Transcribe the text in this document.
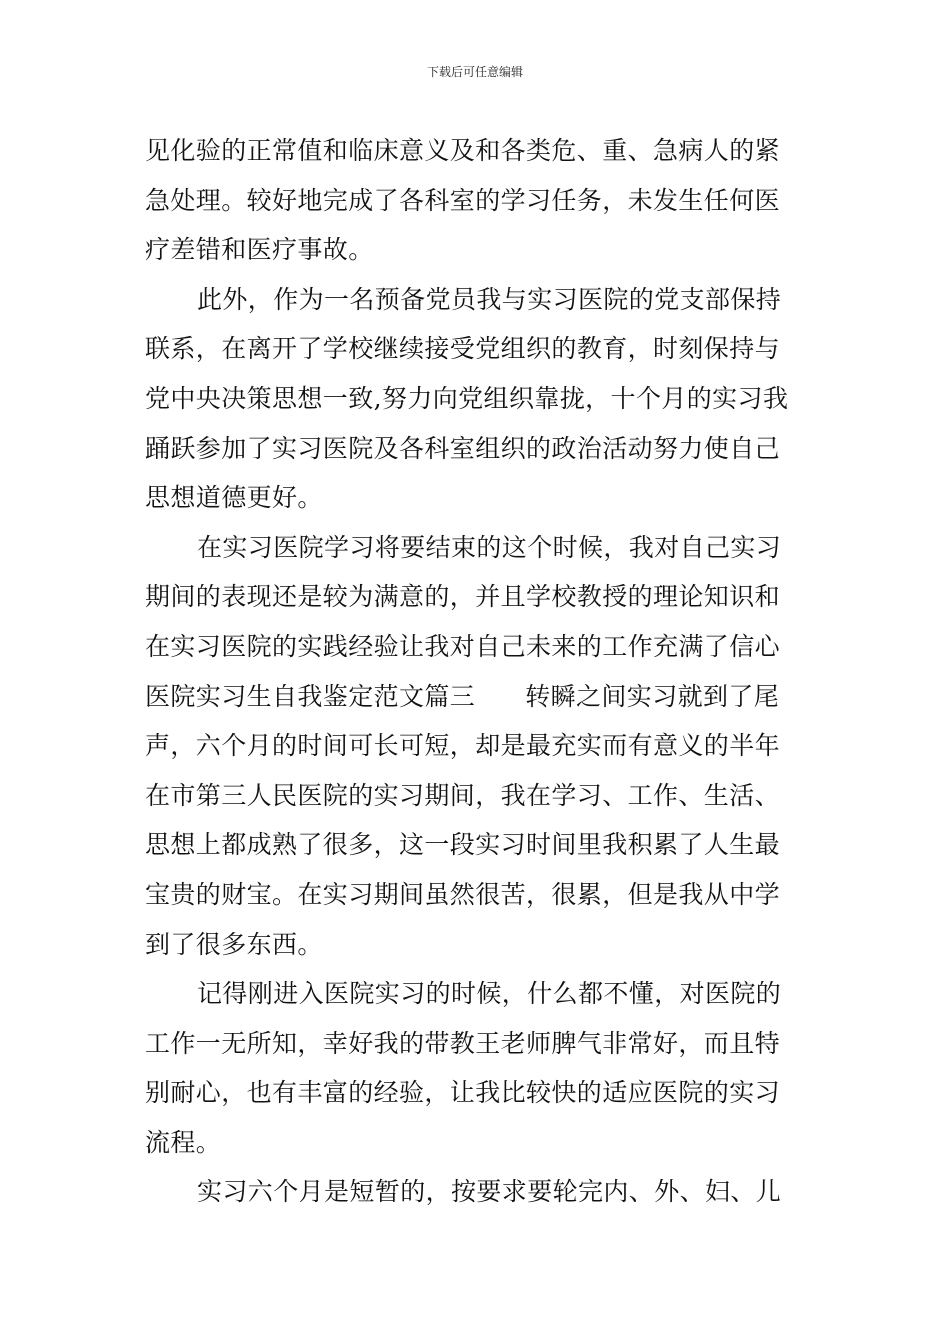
下载后可任意编辑
见化验的正常值和临床意义及和各类危、重、急病人的紧
急处理。较好地完成了各科室的学习任务，未发生任何医
疗差错和医疗事故。
此外，作为一名预备党员我与实习医院的党支部保持
联系，在离开了学校继续接受党组织的教育，时刻保持与
党中央决策思想一致,努力向党组织靠拢，十个月的实习我
踊跃参加了实习医院及各科室组织的政治活动努力使自己
思想道德更好。
在实习医院学习将要结束的这个时候，我对自己实习
期间的表现还是较为满意的，并且学校教授的理论知识和
在实习医院的实践经验让我对自己未来的工作充满了信心
医院实习生自我鉴定范文篇三 转瞬之间实习就到了尾
声，六个月的时间可长可短，却是最充实而有意义的半年
在市第三人民医院的实习期间，我在学习、工作、生活、
思想上都成熟了很多，这一段实习时间里我积累了人生最
宝贵的财宝。在实习期间虽然很苦，很累，但是我从中学
到了很多东西。
记得刚进入医院实习的时候，什么都不懂，对医院的
工作一无所知，幸好我的带教王老师脾气非常好，而且特
别耐心，也有丰富的经验，让我比较快的适应医院的实习
流程。
实习六个月是短暂的，按要求要轮完内、外、妇、儿
